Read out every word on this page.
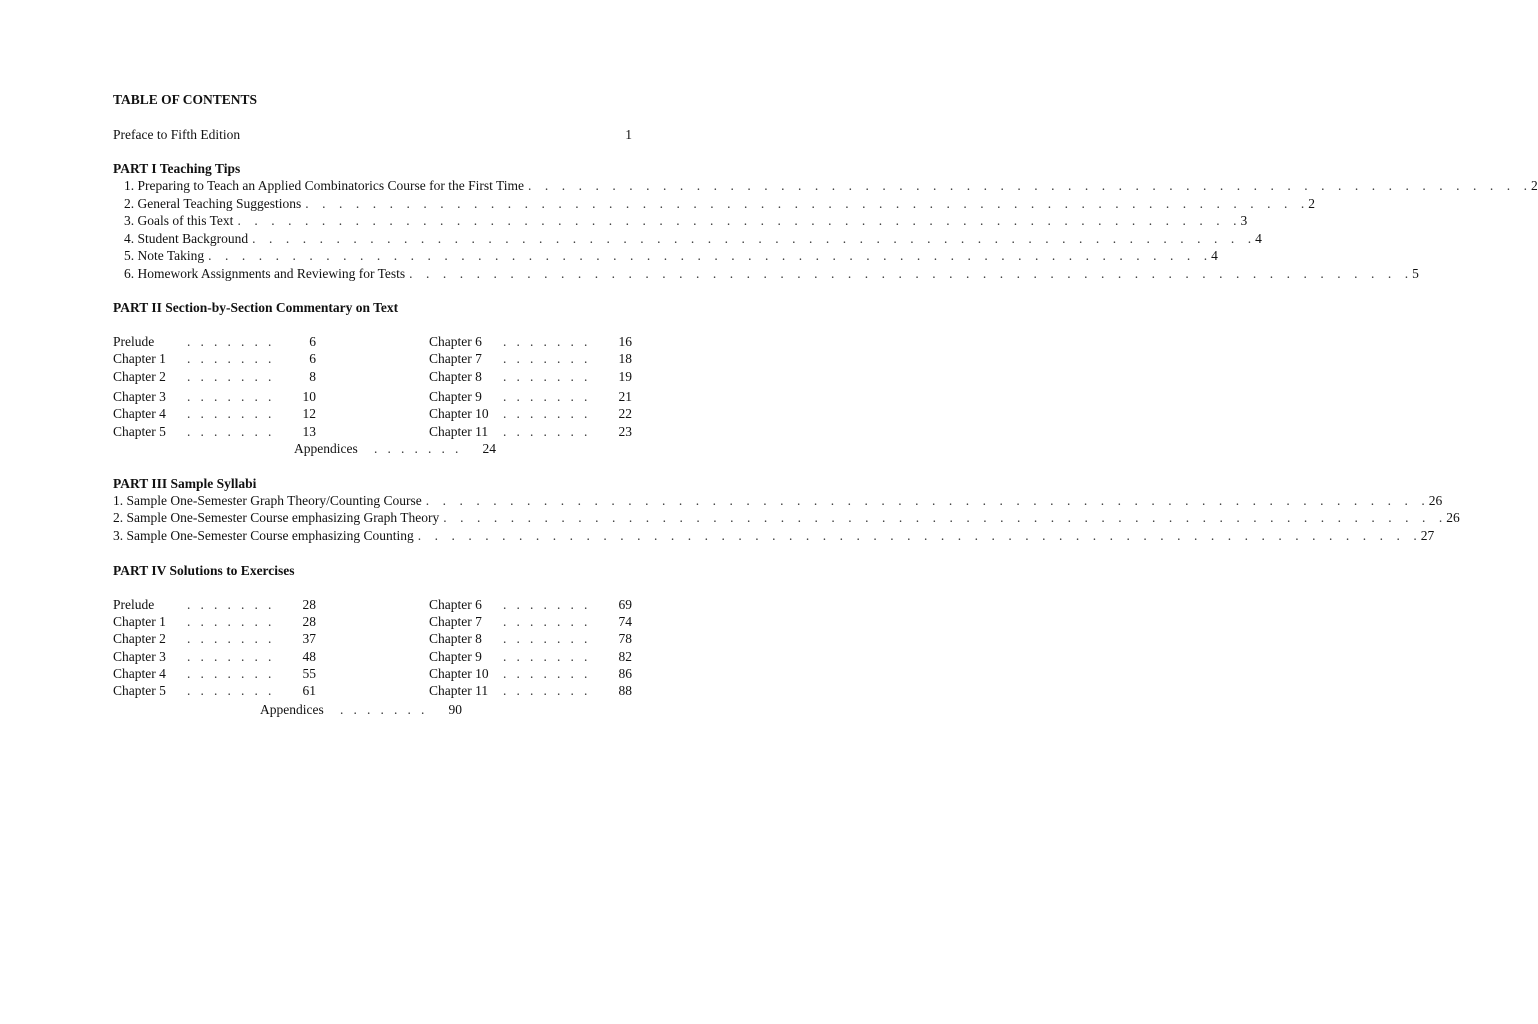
TABLE OF CONTENTS
Preface to Fifth Edition	1
PART I Teaching Tips
1. Preparing to Teach an Applied Combinatorics Course for the First Time .    .    .    .    .    .    .    .    .    .    .    .    .    .    .    .    .    .    .    .    .    .    .    .    .    .    .    .    .    .    .    .    .    .    .    .    .    .    .    .    .    .    .    .    .    .    .    .    .    .    .    .    .    .    .    .    .    .    .    . 2
2. General Teaching Suggestions .    .    .    .    .    .    .    .    .    .    .    .    .    .    .    .    .    .    .    .    .    .    .    .    .    .    .    .    .    .    .    .    .    .    .    .    .    .    .    .    .    .    .    .    .    .    .    .    .    .    .    .    .    .    .    .    .    .    .    . 2
3. Goals of this Text .    .    .    .    .    .    .    .    .    .    .    .    .    .    .    .    .    .    .    .    .    .    .    .    .    .    .    .    .    .    .    .    .    .    .    .    .    .    .    .    .    .    .    .    .    .    .    .    .    .    .    .    .    .    .    .    .    .    .    . 3
4. Student Background .    .    .    .    .    .    .    .    .    .    .    .    .    .    .    .    .    .    .    .    .    .    .    .    .    .    .    .    .    .    .    .    .    .    .    .    .    .    .    .    .    .    .    .    .    .    .    .    .    .    .    .    .    .    .    .    .    .    .    . 4
5. Note Taking .    .    .    .    .    .    .    .    .    .    .    .    .    .    .    .    .    .    .    .    .    .    .    .    .    .    .    .    .    .    .    .    .    .    .    .    .    .    .    .    .    .    .    .    .    .    .    .    .    .    .    .    .    .    .    .    .    .    .    . 4
6. Homework Assignments and Reviewing for Tests .    .    .    .    .    .    .    .    .    .    .    .    .    .    .    .    .    .    .    .    .    .    .    .    .    .    .    .    .    .    .    .    .    .    .    .    .    .    .    .    .    .    .    .    .    .    .    .    .    .    .    .    .    .    .    .    .    .    .    . 5
PART II Section-by-Section Commentary on Text
Prelude .   .   .   .   .   .   .	6
Chapter 1 .   .   .   .   .   .   .	6
Chapter 2 .   .   .   .   .   .   .	8
Chapter 3 .   .   .   .   .   .   . 10
Chapter 4 .   .   .   .   .   .   . 12
Chapter 5 .   .   .   .   .   .   . 13
Chapter 6 .   .   .   .   .   .   . 16
Chapter 7 .   .   .   .   .   .   . 18
Chapter 8 .   .   .   .   .   .   . 19
Chapter 9 .   .   .   .   .   .   . 21
Chapter 10 .   .   .   .   .   .   . 22
Chapter 11 .   .   .   .   .   .   . 23
Appendices .   .   .   .   .   .   . 24
PART III Sample Syllabi
1. Sample One-Semester Graph Theory/Counting Course .    .    .    .    .    .    .    .    .    .    .    .    .    .    .    .    .    .    .    .    .    .    .    .    .    .    .    .    .    .    .    .    .    .    .    .    .    .    .    .    .    .    .    .    .    .    .    .    .    .    .    .    .    .    .    .    .    .    .    . 26
2. Sample One-Semester Course emphasizing Graph Theory .    .    .    .    .    .    .    .    .    .    .    .    .    .    .    .    .    .    .    .    .    .    .    .    .    .    .    .    .    .    .    .    .    .    .    .    .    .    .    .    .    .    .    .    .    .    .    .    .    .    .    .    .    .    .    .    .    .    .    . 26
3. Sample One-Semester Course emphasizing Counting .    .    .    .    .    .    .    .    .    .    .    .    .    .    .    .    .    .    .    .    .    .    .    .    .    .    .    .    .    .    .    .    .    .    .    .    .    .    .    .    .    .    .    .    .    .    .    .    .    .    .    .    .    .    .    .    .    .    .    . 27
PART IV Solutions to Exercises
Prelude .   .   .   .   .   .   . 28
Chapter 1 .   .   .   .   .   .   . 28
Chapter 2 .   .   .   .   .   .   . 37
Chapter 3 .   .   .   .   .   .   . 48
Chapter 4 .   .   .   .   .   .   . 55
Chapter 5 .   .   .   .   .   .   . 61
Chapter 6 .   .   .   .   .   .   . 69
Chapter 7 .   .   .   .   .   .   . 74
Chapter 8 .   .   .   .   .   .   . 78
Chapter 9 .   .   .   .   .   .   . 82
Chapter 10 .   .   .   .   .   .   . 86
Chapter 11 .   .   .   .   .   .   . 88
Appendices .   .   .   .   .   .   . 90
